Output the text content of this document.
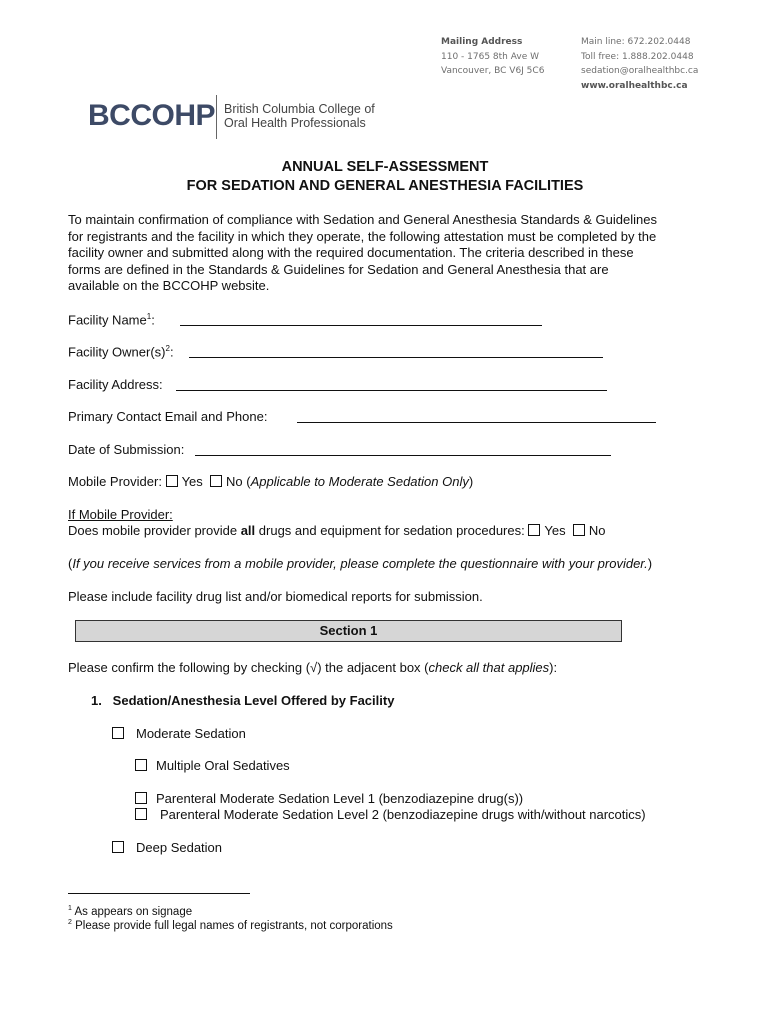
Mailing Address
110 - 1765 8th Ave W
Vancouver, BC V6J 5C6
Main line: 672.202.0448
Toll free: 1.888.202.0448
sedation@oralhealthbc.ca
www.oralhealthbc.ca
BCCOHP British Columbia College of
Oral Health Professionals
ANNUAL SELF-ASSESSMENT
FOR SEDATION AND GENERAL ANESTHESIA FACILITIES
To maintain confirmation of compliance with Sedation and General Anesthesia Standards & Guidelines
for registrants and the facility in which they operate, the following attestation must be completed by the
facility owner and submitted along with the required documentation. The criteria described in these
forms are defined in the Standards & Guidelines for Sedation and General Anesthesia that are
available on the BCCOHP website.
Facility Name$^1$:
Facility $Owner(s)^2$:
Facility Address:
Primary Contact Email and Phone:
Date of Submission:
Mobile Provider: Yes No (Applicable to Moderate Sedation Only)
If Mobile Provider:
Does mobile provider provide all drugs and equipment for sedation procedures: Yes No
(If you receive services from a mobile provider, please complete the questionnaire with your provider.)
Please include facility drug list and/or biomedical reports for submission.
Section 1
Please confirm the following by checking (√) the adjacent box (check all that applies):
1.   Sedation/Anesthesia Level Offered by Facility
Moderate Sedation
Multiple Oral Sedatives
Parenteral Moderate Sedation Level 1 (benzodiazepine drug(s))
Parenteral Moderate Sedation Level 2 (benzodiazepine drugs with/without narcotics)
Deep Sedation
$^1$ As appears on signage
$^2$ Please provide full legal names of registrants, not corporations
